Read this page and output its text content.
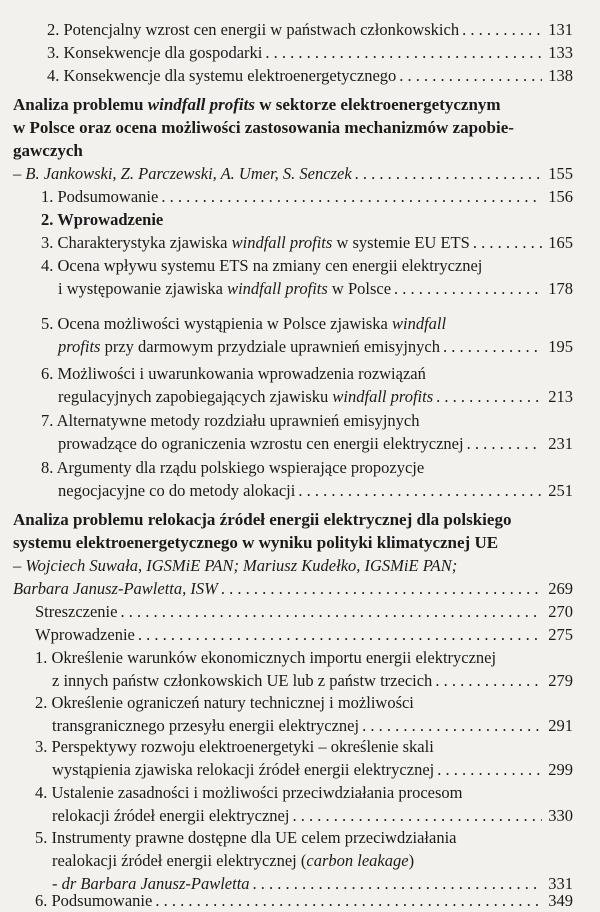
2. Potencjalny wzrost cen energii w państwach członkowskich . . .	131
3. Konsekwencje dla gospodarki . . .	133
4. Konsekwencje dla systemu elektroenergetycznego . . .	138
Analiza problemu windfall profits w sektorze elektroenergetycznym
w Polsce oraz ocena możliwości zastosowania mechanizmów zapobie-
gawczych
– B. Jankowski, Z. Parczewski, A. Umer, S. Senczek . . .	155
1. Podsumowanie . . .	156
2. Wprowadzenie
3. Charakterystyka zjawiska windfall profits w systemie EU ETS . . .	165
4. Ocena wpływu systemu ETS na zmiany cen energii elektrycznej
i występowanie zjawiska windfall profits w Polsce . . .	178
5. Ocena możliwości wystąpienia w Polsce zjawiska windfall
profits przy darmowym przydziale uprawnień emisyjnych . . .	195
6. Możliwości i uwarunkowania wprowadzenia rozwiązań
regulacyjnych zapobiegających zjawisku windfall profits . . .	213
7. Alternatywne metody rozdziału uprawnień emisyjnych
prowadzące do ograniczenia wzrostu cen energii elektrycznej . . .	231
8. Argumenty dla rządu polskiego wspierające propozycje
negocjacyjne co do metody alokacji . . .	251
Analiza problemu relokacja źródeł energii elektrycznej dla polskiego
systemu elektroenergetycznego w wyniku polityki klimatycznej UE
– Wojciech Suwała, IGSMiE PAN; Mariusz Kudełko, IGSMiE PAN;
Barbara Janusz-Pawletta, ISW . . .	269
Streszczenie . . .	270
Wprowadzenie . . .	275
1. Określenie warunków ekonomicznych importu energii elektrycznej
z innych państw członkowskich UE lub z państw trzecich . . .	279
2. Określenie ograniczeń natury technicznej i możliwości
transgranicznego przesyłu energii elektrycznej . . .	291
3. Perspektywy rozwoju elektroenergetyki – określenie skali
wystąpienia zjawiska relokacji źródeł energii elektrycznej . . .	299
4. Ustalenie zasadności i możliwości przeciwdziałania procesom
relokacji źródeł energii elektrycznej . . .	330
5. Instrumenty prawne dostępne dla UE celem przeciwdziałania
realokacji źródeł energii elektrycznej (carbon leakage)
- dr Barbara Janusz-Pawletta . . .	331
6. Podsumowanie . . .	349
